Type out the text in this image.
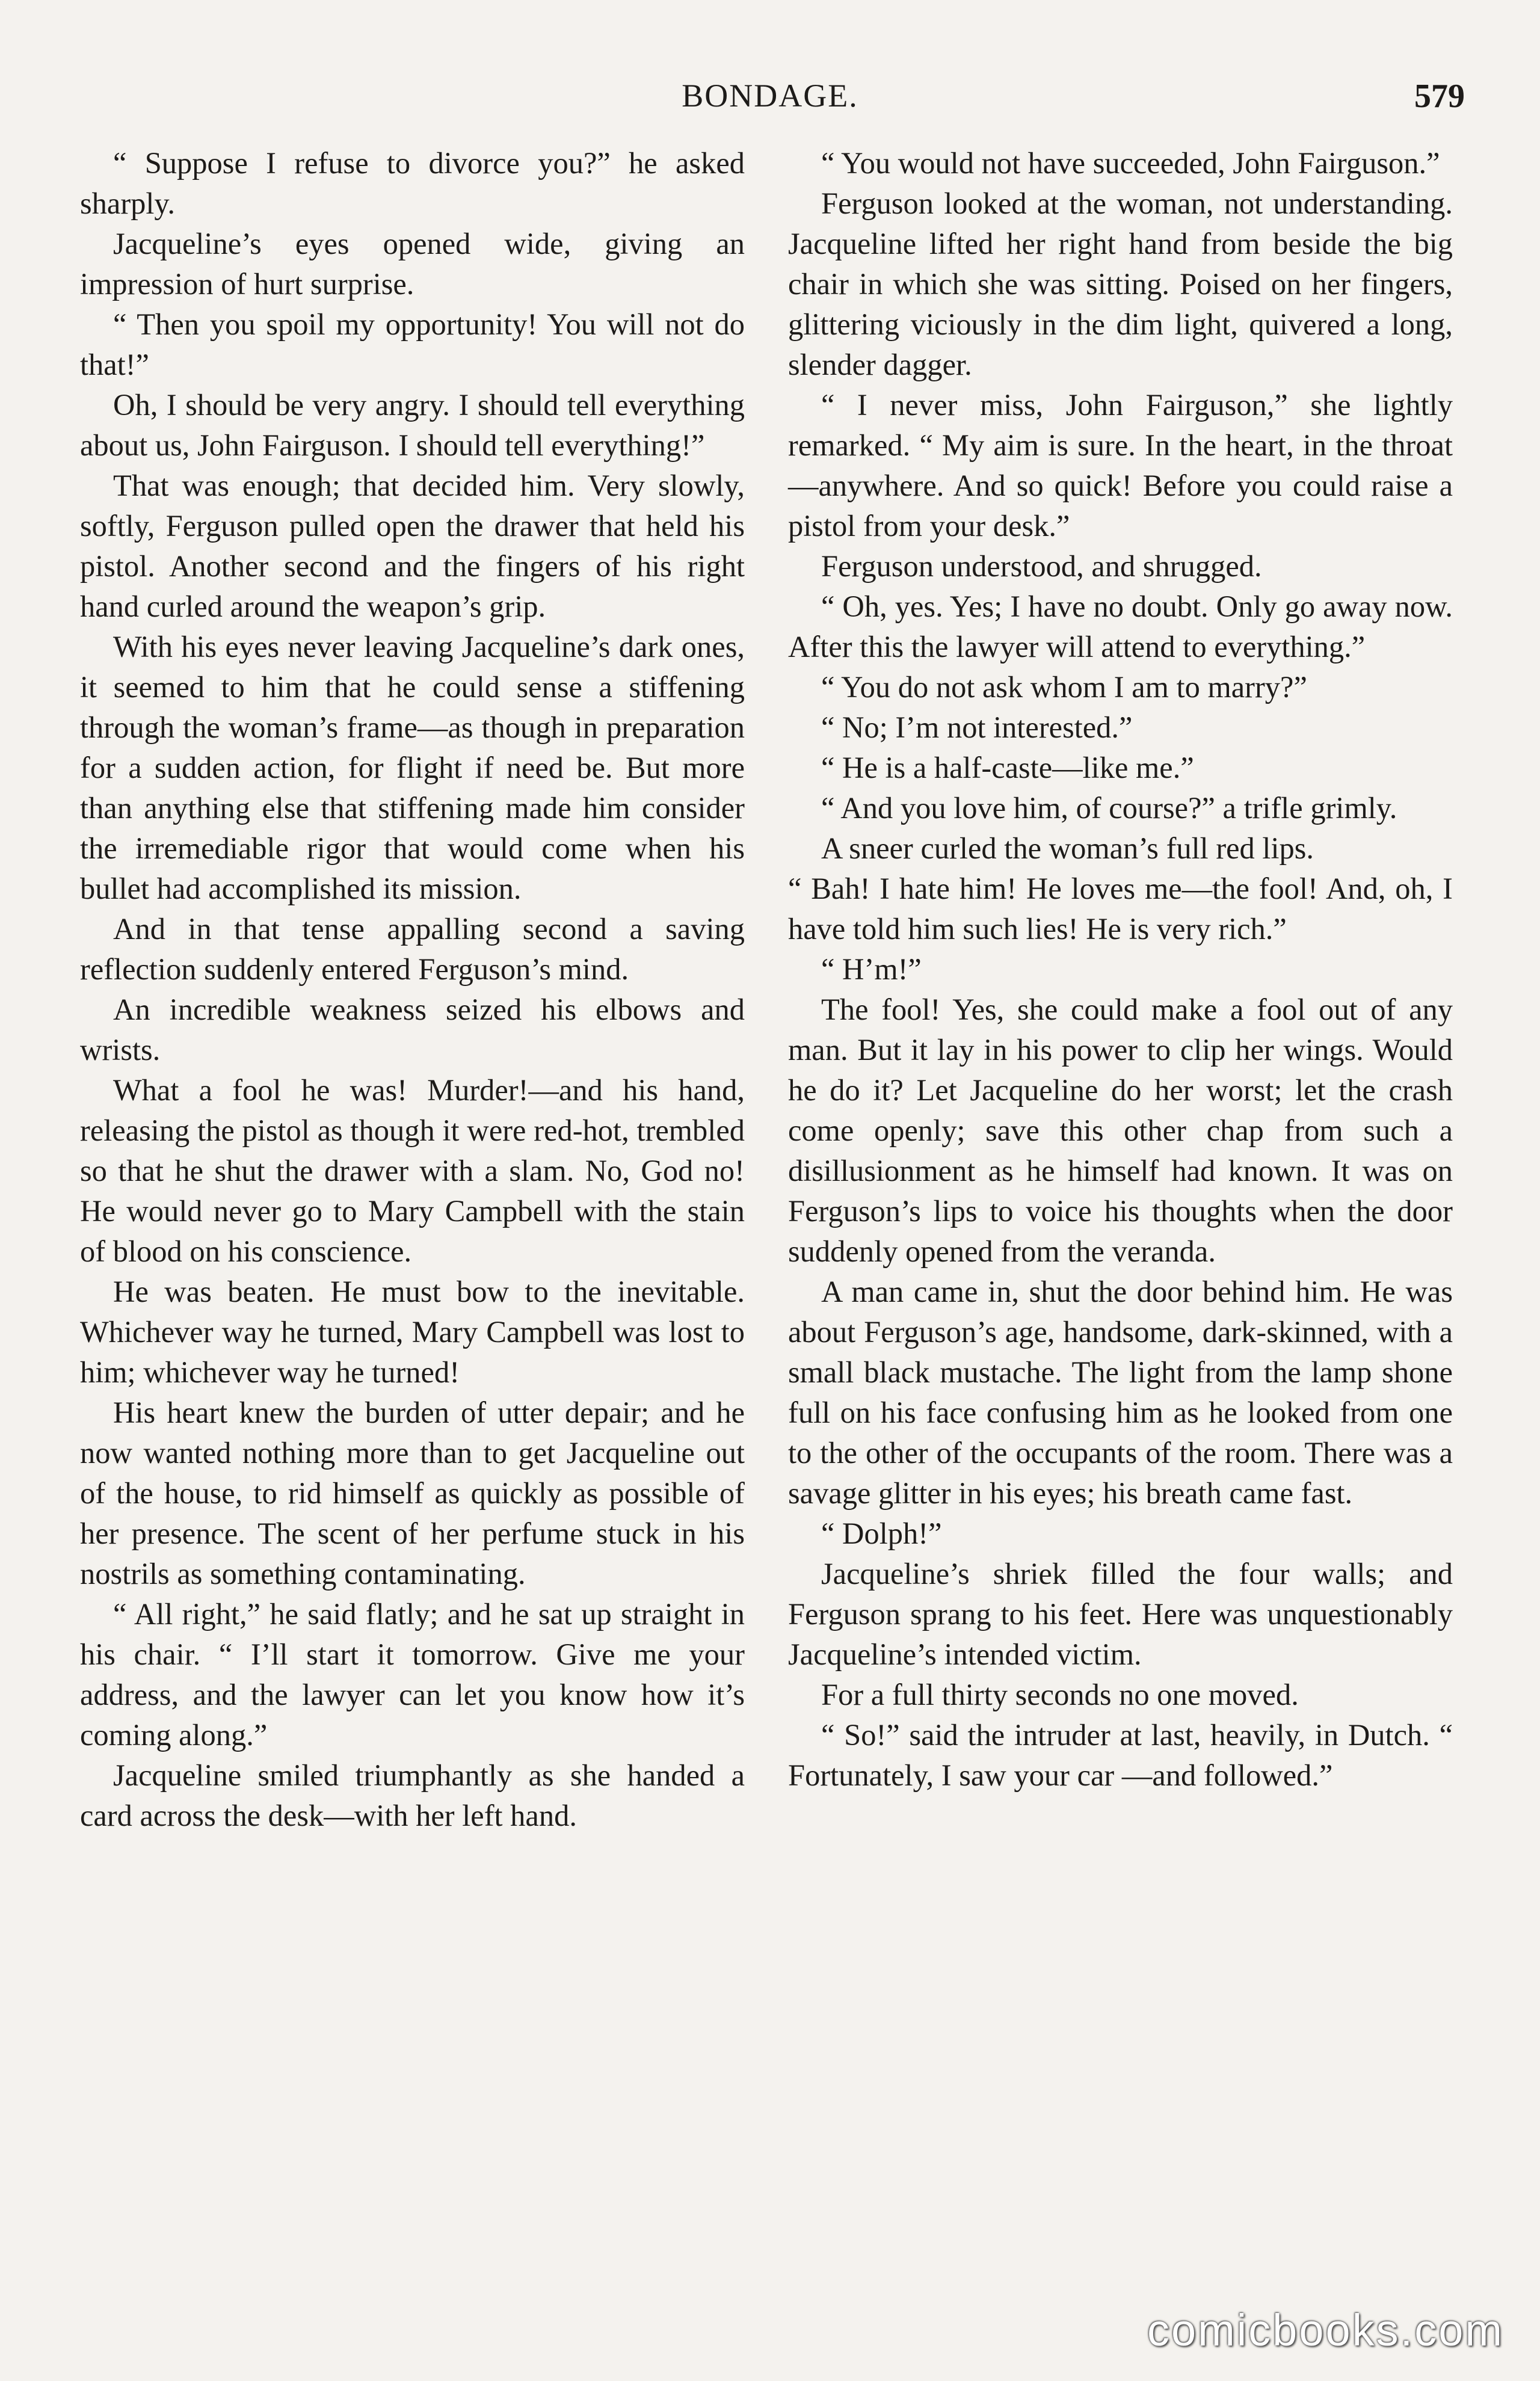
BONDAGE.	579

“ Suppose I refuse to divorce you?” he asked sharply.

Jacqueline’s eyes opened wide, giving an impression of hurt surprise.

“ Then you spoil my opportunity! You will not do that!”

Oh, I should be very angry. I should tell everything about us, John Fairguson. I should tell everything!”

That was enough; that decided him. Very slowly, softly, Ferguson pulled open the drawer that held his pistol. Another second and the fingers of his right hand curled around the weapon’s grip.

With his eyes never leaving Jacqueline’s dark ones, it seemed to him that he could sense a stiffening through the woman’s frame—as though in preparation for a sudden action, for flight if need be. But more than anything else that stiffening made him consider the irremediable rigor that would come when his bullet had accomplished its mission.

And in that tense appalling second a saving reflection suddenly entered Ferguson’s mind.

An incredible weakness seized his elbows and wrists.

What a fool he was! Murder!—and his hand, releasing the pistol as though it were red-hot, trembled so that he shut the drawer with a slam. No, God no! He would never go to Mary Campbell with the stain of blood on his conscience.

He was beaten. He must bow to the inevitable. Whichever way he turned, Mary Campbell was lost to him; whichever way he turned!

His heart knew the burden of utter depair; and he now wanted nothing more than to get Jacqueline out of the house, to rid himself as quickly as possible of her presence. The scent of her perfume stuck in his nostrils as something contaminating.

“ All right,” he said flatly; and he sat up straight in his chair. “ I’ll start it tomorrow. Give me your address, and the lawyer can let you know how it’s coming along.”

Jacqueline smiled triumphantly as she handed a card across the desk—with her left hand.

“ You would not have succeeded, John Fairguson.”

Ferguson looked at the woman, not understanding. Jacqueline lifted her right hand from beside the big chair in which she was sitting. Poised on her fingers, glittering viciously in the dim light, quivered a long, slender dagger.

“ I never miss, John Fairguson,” she lightly remarked. “ My aim is sure. In the heart, in the throat—anywhere. And so quick! Before you could raise a pistol from your desk.”

Ferguson understood, and shrugged.

“ Oh, yes. Yes; I have no doubt. Only go away now. After this the lawyer will attend to everything.”

“ You do not ask whom I am to marry?”

“ No; I’m not interested.”

“ He is a half-caste—like me.”

“ And you love him, of course?” a trifle grimly.

A sneer curled the woman’s full red lips.

“ Bah! I hate him! He loves me—the fool! And, oh, I have told him such lies! He is very rich.”

“ H’m!”

The fool! Yes, she could make a fool out of any man. But it lay in his power to clip her wings. Would he do it? Let Jacqueline do her worst; let the crash come openly; save this other chap from such a disillusionment as he himself had known. It was on Ferguson’s lips to voice his thoughts when the door suddenly opened from the veranda.

A man came in, shut the door behind him. He was about Ferguson’s age, handsome, dark-skinned, with a small black mustache. The light from the lamp shone full on his face confusing him as he looked from one to the other of the occupants of the room. There was a savage glitter in his eyes; his breath came fast.

“ Dolph!”

Jacqueline’s shriek filled the four walls; and Ferguson sprang to his feet. Here was unquestionably Jacqueline’s intended victim.

For a full thirty seconds no one moved.

“ So!” said the intruder at last, heavily, in Dutch. “ Fortunately, I saw your car —and followed.”

comicbooks.com
